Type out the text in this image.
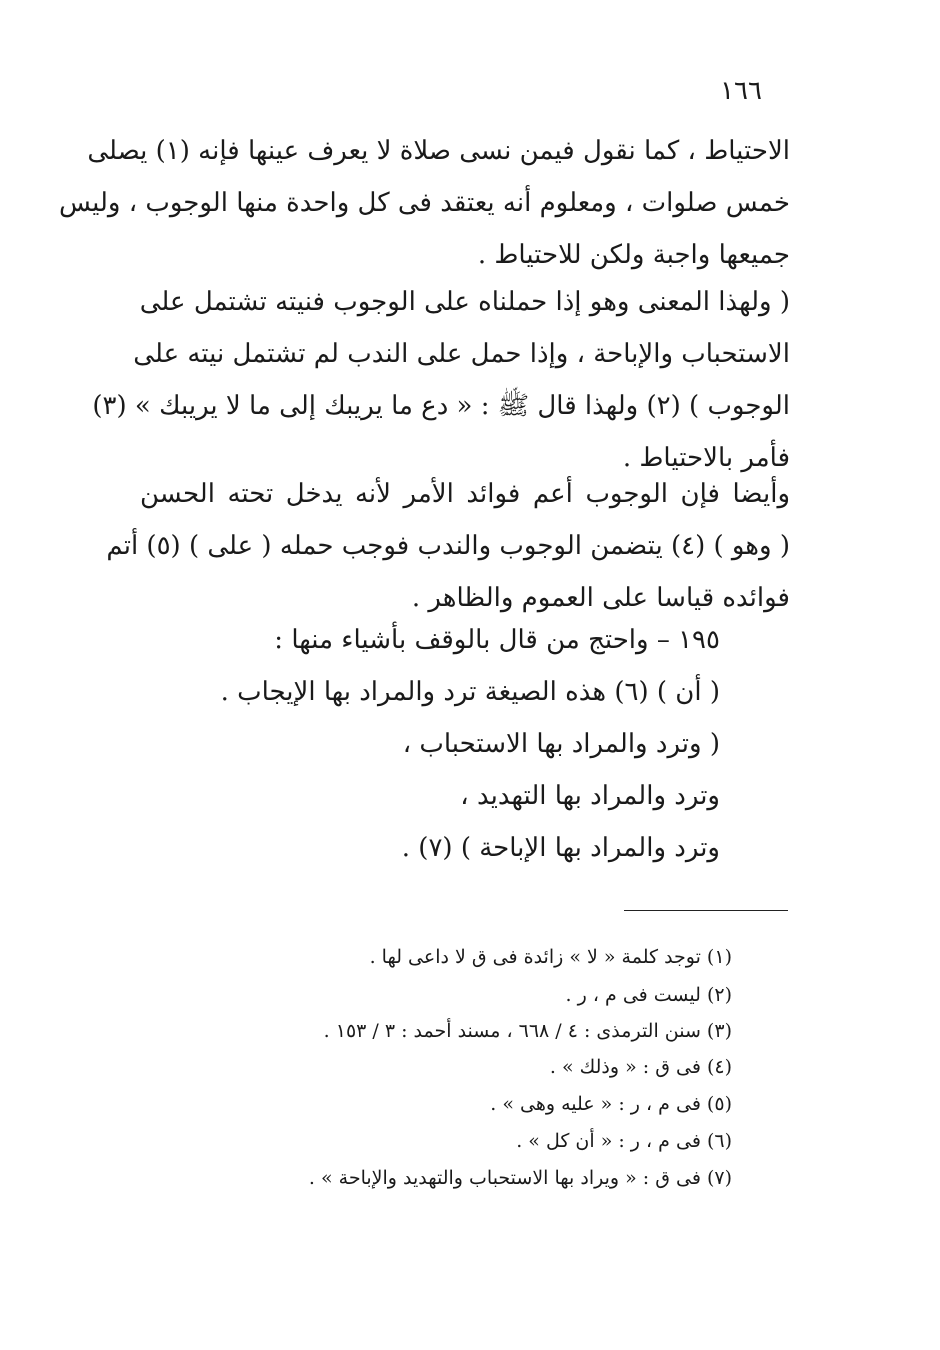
١٦٦
الاحتياط ، كما نقول فيمن نسى صلاة لا يعرف عينها فإنه (١) يصلى
خمس صلوات ، ومعلوم أنه يعتقد فى كل واحدة منها الوجوب ، وليس
جميعها واجبة ولكن للاحتياط .
( ولهذا المعنى وهو إذا حملناه على الوجوب فنيته تشتمل على
الاستحباب والإباحة ، وإذا حمل على الندب لم تشتمل نيته على
الوجوب ) (٢) ولهذا قال ﷺ : « دع ما يريبك إلى ما لا يريبك » (٣)
فأمر بالاحتياط .
وأيضا فإن الوجوب أعم فوائد الأمر لأنه يدخل تحته الحسن
( وهو ) (٤) يتضمن الوجوب والندب فوجب حمله ( على ) (٥) أتم
فوائده قياسا على العموم والظاهر .
١٩٥ – واحتج من قال بالوقف بأشياء منها :
( أن ) (٦) هذه الصيغة ترد والمراد بها الإيجاب .
( وترد والمراد بها الاستحباب ،
وترد والمراد بها التهديد ،
وترد والمراد بها الإباحة ) (٧) .
(١) توجد كلمة « لا » زائدة فى ق لا داعى لها .
(٢) ليست فى م ، ر .
(٣) سنن الترمذى : ٤ / ٦٦٨ ، مسند أحمد : ٣ / ١٥٣ .
(٤) فى ق : « وذلك » .
(٥) فى م ، ر : « عليه وهى » .
(٦) فى م ، ر : « أن كل » .
(٧) فى ق : « ويراد بها الاستحباب والتهديد والإباحة » .
